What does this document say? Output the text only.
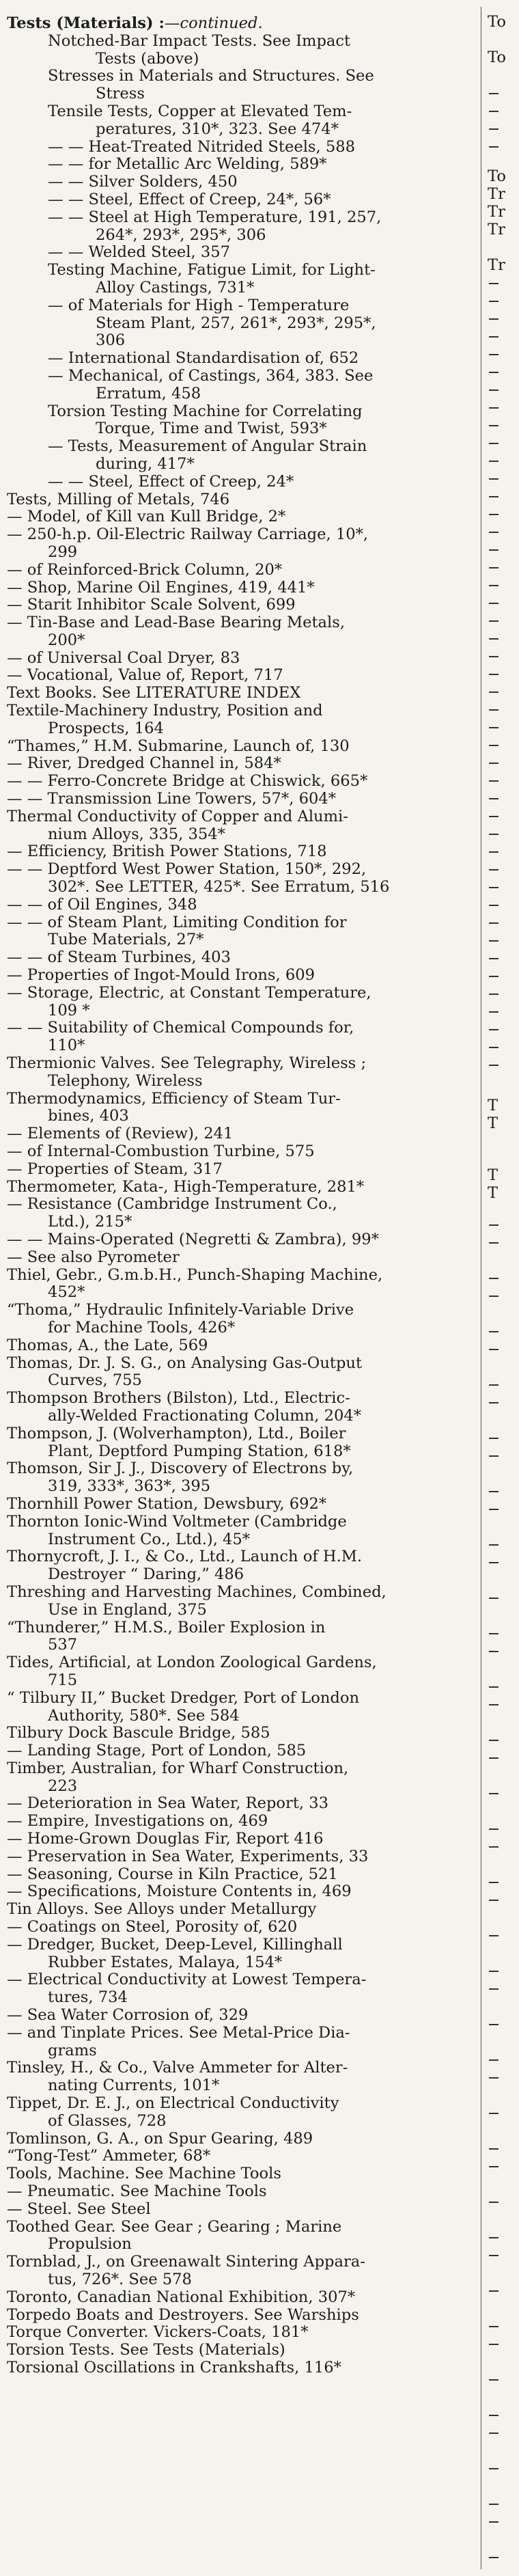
Tests (Materials) :—continued.
Notched-Bar Impact Tests. See Impact
Tests (above)
Stresses in Materials and Structures. See
Stress
Tensile Tests, Copper at Elevated Tem-
peratures, 310*, 323. See 474*
— — Heat-Treated Nitrided Steels, 588
— — for Metallic Arc Welding, 589*
— — Silver Solders, 450
— — Steel, Effect of Creep, 24*, 56*
— — Steel at High Temperature, 191, 257,
264*, 293*, 295*, 306
— — Welded Steel, 357
Testing Machine, Fatigue Limit, for Light-
Alloy Castings, 731*
— of Materials for High - Temperature
Steam Plant, 257, 261*, 293*, 295*,
306
— International Standardisation of, 652
— Mechanical, of Castings, 364, 383. See
Erratum, 458
Torsion Testing Machine for Correlating
Torque, Time and Twist, 593*
— Tests, Measurement of Angular Strain
during, 417*
— — Steel, Effect of Creep, 24*
Tests, Milling of Metals, 746
— Model, of Kill van Kull Bridge, 2*
— 250-h.p. Oil-Electric Railway Carriage, 10*,
299
— of Reinforced-Brick Column, 20*
— Shop, Marine Oil Engines, 419, 441*
— Starit Inhibitor Scale Solvent, 699
— Tin-Base and Lead-Base Bearing Metals,
200*
— of Universal Coal Dryer, 83
— Vocational, Value of, Report, 717
Text Books. See LITERATURE INDEX
Textile-Machinery Industry, Position and
Prospects, 164
“Thames,” H.M. Submarine, Launch of, 130
— River, Dredged Channel in, 584*
— — Ferro-Concrete Bridge at Chiswick, 665*
— — Transmission Line Towers, 57*, 604*
Thermal Conductivity of Copper and Alumi-
nium Alloys, 335, 354*
— Efficiency, British Power Stations, 718
— — Deptford West Power Station, 150*, 292,
302*. See LETTER, 425*. See Erratum, 516
— — of Oil Engines, 348
— — of Steam Plant, Limiting Condition for
Tube Materials, 27*
— — of Steam Turbines, 403
— Properties of Ingot-Mould Irons, 609
— Storage, Electric, at Constant Temperature,
109 *
— — Suitability of Chemical Compounds for,
110*
Thermionic Valves. See Telegraphy, Wireless ;
Telephony, Wireless
Thermodynamics, Efficiency of Steam Tur-
bines, 403
— Elements of (Review), 241
— of Internal-Combustion Turbine, 575
— Properties of Steam, 317
Thermometer, Kata-, High-Temperature, 281*
— Resistance (Cambridge Instrument Co.,
Ltd.), 215*
— — Mains-Operated (Negretti & Zambra), 99*
— See also Pyrometer
Thiel, Gebr., G.m.b.H., Punch-Shaping Machine,
452*
“Thoma,” Hydraulic Infinitely-Variable Drive
for Machine Tools, 426*
Thomas, A., the Late, 569
Thomas, Dr. J. S. G., on Analysing Gas-Output
Curves, 755
Thompson Brothers (Bilston), Ltd., Electric-
ally-Welded Fractionating Column, 204*
Thompson, J. (Wolverhampton), Ltd., Boiler
Plant, Deptford Pumping Station, 618*
Thomson, Sir J. J., Discovery of Electrons by,
319, 333*, 363*, 395
Thornhill Power Station, Dewsbury, 692*
Thornton Ionic-Wind Voltmeter (Cambridge
Instrument Co., Ltd.), 45*
Thornycroft, J. I., & Co., Ltd., Launch of H.M.
Destroyer “ Daring,” 486
Threshing and Harvesting Machines, Combined,
Use in England, 375
“Thunderer,” H.M.S., Boiler Explosion in
537
Tides, Artificial, at London Zoological Gardens,
715
“ Tilbury II,” Bucket Dredger, Port of London
Authority, 580*. See 584
Tilbury Dock Bascule Bridge, 585
— Landing Stage, Port of London, 585
Timber, Australian, for Wharf Construction,
223
— Deterioration in Sea Water, Report, 33
— Empire, Investigations on, 469
— Home-Grown Douglas Fir, Report 416
— Preservation in Sea Water, Experiments, 33
— Seasoning, Course in Kiln Practice, 521
— Specifications, Moisture Contents in, 469
Tin Alloys. See Alloys under Metallurgy
— Coatings on Steel, Porosity of, 620
— Dredger, Bucket, Deep-Level, Killinghall
Rubber Estates, Malaya, 154*
— Electrical Conductivity at Lowest Tempera-
tures, 734
— Sea Water Corrosion of, 329
— and Tinplate Prices. See Metal-Price Dia-
grams
Tinsley, H., & Co., Valve Ammeter for Alter-
nating Currents, 101*
Tippet, Dr. E. J., on Electrical Conductivity
of Glasses, 728
Tomlinson, G. A., on Spur Gearing, 489
“Tong-Test” Ammeter, 68*
Tools, Machine. See Machine Tools
— Pneumatic. See Machine Tools
— Steel. See Steel
Toothed Gear. See Gear ; Gearing ; Marine
Propulsion
Tornblad, J., on Greenawalt Sintering Appara-
tus, 726*. See 578
Toronto, Canadian National Exhibition, 307*
Torpedo Boats and Destroyers. See Warships
Torque Converter. Vickers-Coats, 181*
Torsion Tests. See Tests (Materials)
Torsional Oscillations in Crankshafts, 116*
To
To
To
Tr
Tr
Tr
Tr
T
T
T
T
